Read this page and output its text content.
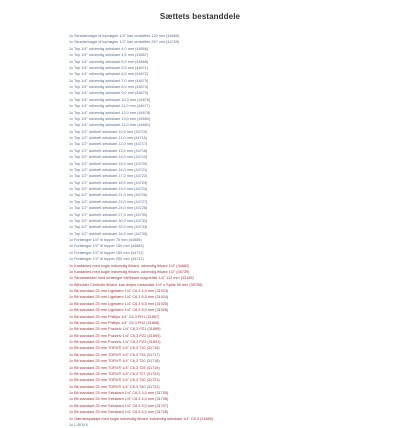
Sættets bestanddele
1x Skralde/nøgle til topnøgler 1/4" kan omskiftes 120 mm (44665)
1x Skralde/nøgle til topnøgler 1/2" kan omskiftes 257 mm (44709)
1x Top 1/4" udvendig sekskant 4,0 mm (44666)
1x Top 1/4" udvendig sekskant 4,5 mm (44667)
1x Top 1/4" udvendig sekskant 5,0 mm (44668)
1x Top 1/4" udvendig sekskant 5,5 mm (44671)
1x Top 1/4" udvendig sekskant 6,0 mm (44672)
1x Top 1/4" udvendig sekskant 7,0 mm (44673)
1x Top 1/4" udvendig sekskant 8,0 mm (44674)
1x Top 1/4" udvendig sekskant 9,0 mm (44675)
1x Top 1/4" udvendig sekskant 10,0 mm (44676)
1x Top 1/4" udvendig sekskant 11,0 mm (44677)
1x Top 1/4" udvendig sekskant 12,0 mm (44678)
1x Top 1/4" udvendig sekskant 13,0 mm (44680)
1x Top 1/4" udvendig sekskant 14,0 mm (44681)
1x Top 1/2" dobbelt sekskant 10,0 mm (44710)
1x Top 1/2" dobbelt sekskant 11,0 mm (44716)
1x Top 1/2" dobbelt sekskant 12,0 mm (44717)
1x Top 1/2" dobbelt sekskant 13,0 mm (44718)
1x Top 1/2" dobbelt sekskant 14,0 mm (44719)
1x Top 1/2" dobbelt sekskant 15,0 mm (44720)
1x Top 1/2" dobbelt sekskant 16,0 mm (44721)
1x Top 1/2" dobbelt sekskant 17,0 mm (44722)
1x Top 1/2" dobbelt sekskant 18,0 mm (44723)
1x Top 1/2" dobbelt sekskant 19,0 mm (44724)
1x Top 1/2" dobbelt sekskant 21,0 mm (44726)
1x Top 1/2" dobbelt sekskant 22,0 mm (44727)
1x Top 1/2" dobbelt sekskant 24,0 mm (44728)
1x Top 1/2" dobbelt sekskant 27,0 mm (44730)
1x Top 1/2" dobbelt sekskant 30,0 mm (44732)
1x Top 1/2" dobbelt sekskant 32,0 mm (44733)
1x Top 1/2" dobbelt sekskant 34,0 mm (44735)
1x Forlænger 1/4" til topper 75 mm (44685)
1x Forlænger 1/2" til topper 150 mm (44683)
1x Forlænger 1/2" til topper 150 mm (44711)
1x Forlænger 1/2" til topper 250 mm (44712)
1x Kardanled med kugle indvendig firkant, udvendig firkant 1/4" (44682)
1x Kardanled med kugle indvendig firkant, udvendig firkant 1/2" (44739)
1x Skruetrækker med forlænger bit/firkant magnetisk 1/4" 112 mm (32165)
1x Bitholder Centrofix firkant, kan drejes mekaniskt 1/4" x Spids 50 mm (39758)
1x Bit standard 25 mm Ligekærv 1/4" C6,3 4,0 mm (31923)
1x Bit standard 25 mm Ligekærv 1/4" C6,3 5,5 mm (31924)
1x Bit standard 25 mm Ligekærv 1/4" C6,3 6,5 mm (31925)
1x Bit standard 25 mm Ligekærv 1/4" C6,3 8,0 mm (31926)
1x Bit standard 25 mm Phillips 1/4" C6,3 PH1 (31867)
1x Bit standard 25 mm Phillips 1/4" C6,3 PH2 (31868)
1x Bit standard 25 mm Pozidriv 1/4" C6,3 PZ1 (31889)
1x Bit standard 25 mm Pozidriv 1/4" C6,3 PZ2 (31890)
1x Bit standard 25 mm Pozidriv 1/4" C6,3 PZ3 (31891)
1x Bit standard 25 mm TORX® 1/4" C6,3 T10 (31716)
1x Bit standard 25 mm TORX® 1/4" C6,3 T15 (31717)
1x Bit standard 25 mm TORX® 1/4" C6,3 T20 (31718)
1x Bit standard 25 mm TORX® 1/4" C6,3 T25 (31719)
1x Bit standard 25 mm TORX® 1/4" C6,3 T27 (31720)
1x Bit standard 25 mm TORX® 1/4" C6,3 T30 (31721)
1x Bit standard 25 mm TORX® 1/4" C6,3 T40 (31722)
1x Bit standard 25 mm Sekskant 1/4" C6,3 3,0 mm (31705)
1x Bit standard 25 mm Sekskant 1/4" C6,3 4,0 mm (31706)
1x Bit standard 25 mm Sekskant 1/4" C6,3 5,0 mm (31707)
1x Bit standard 25 mm Sekskant 1/4" C6,3 6,0 mm (31708)
1x Gærdstopadapt med kugle indvendig firkant, indvendig sekskant 1/4" C6,3 (31685)
1x L-BOXX
